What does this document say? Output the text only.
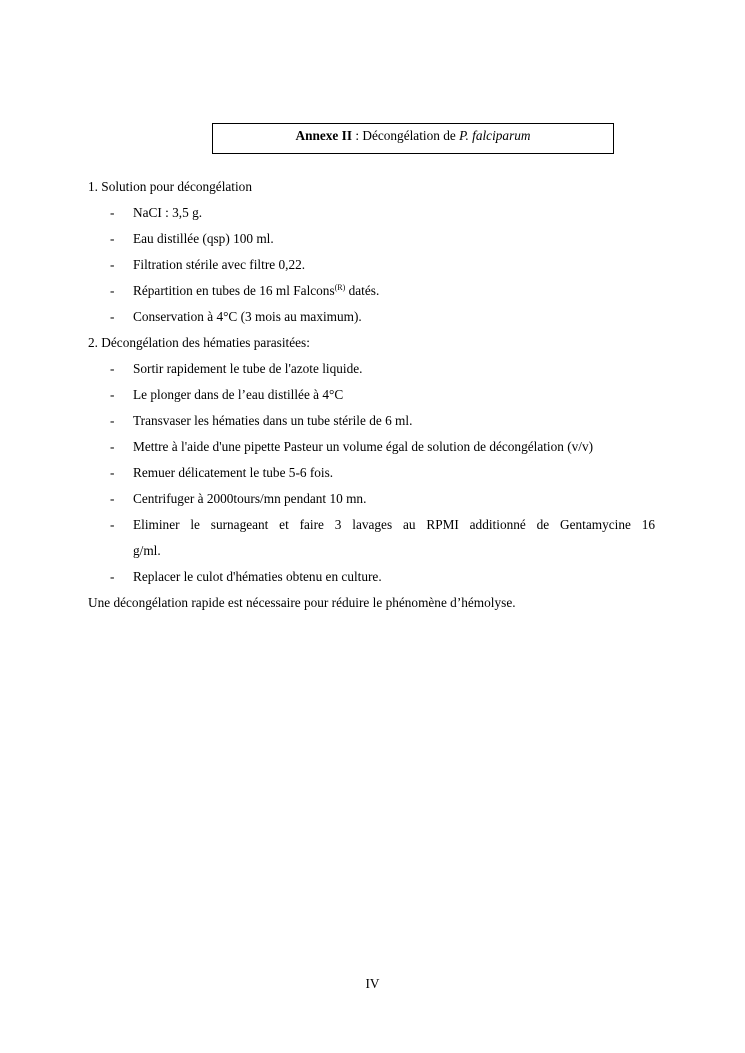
Annexe II : Décongélation de P. falciparum
1. Solution pour décongélation
- NaCI : 3,5 g.
- Eau distillée (qsp) 100 ml.
- Filtration stérile avec filtre 0,22.
- Répartition en tubes de 16 ml Falcons$^{(R)}$ datés.
- Conservation à 4°C (3 mois au maximum).
2. Décongélation des hématies parasitées:
- Sortir rapidement le tube de l'azote liquide.
- Le plonger dans de l’eau distillée à 4°C
- Transvaser les hématies dans un tube stérile de 6 ml.
- Mettre à l'aide d'une pipette Pasteur un volume égal de solution de décongélation (v/v)
- Remuer délicatement le tube 5-6 fois.
- Centrifuger à 2000tours/mn pendant 10 mn.
- Eliminer le surnageant et faire 3 lavages au RPMI additionné de Gentamycine 16
g/ml.
- Replacer le culot d'hématies obtenu en culture.
Une décongélation rapide est nécessaire pour réduire le phénomène d’hémolyse.
IV
